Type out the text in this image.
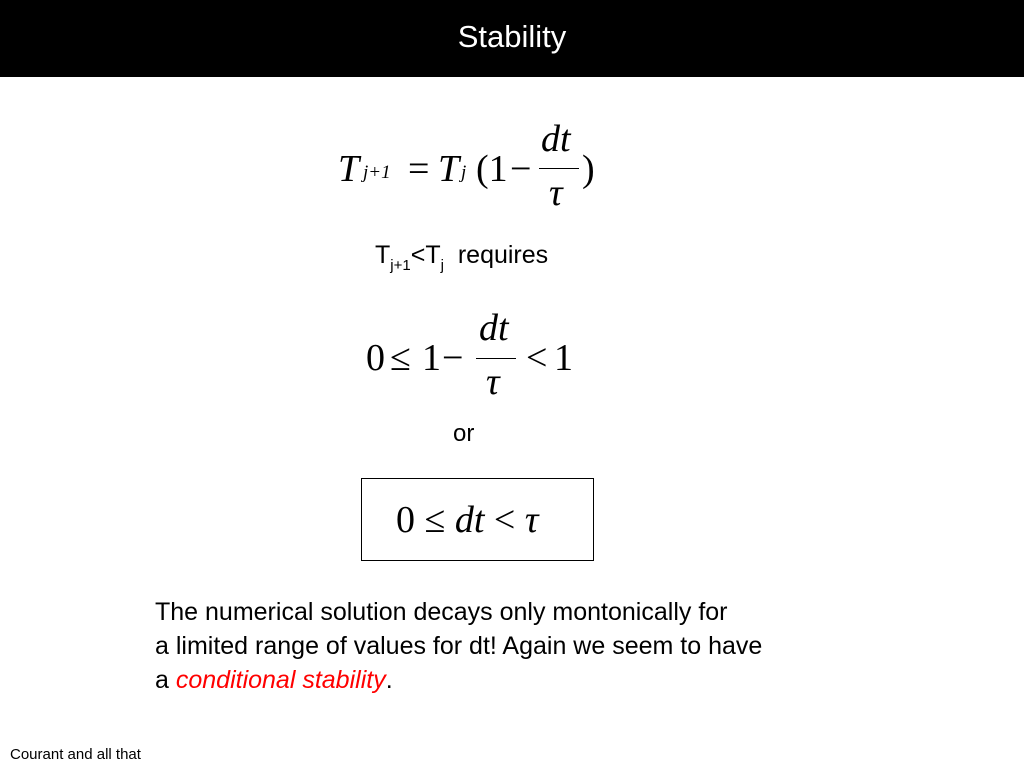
Stability
T j+1 = T j (1 −
dt
τ
)
$T_{j+1}<T_j$ requires
0 ≤ 1 −
dt
τ
< 1
or
0 ≤ dt < τ
The numerical solution decays only montonically for
a limited range of values for dt! Again we seem to have
a conditional stability.
Courant and all that
